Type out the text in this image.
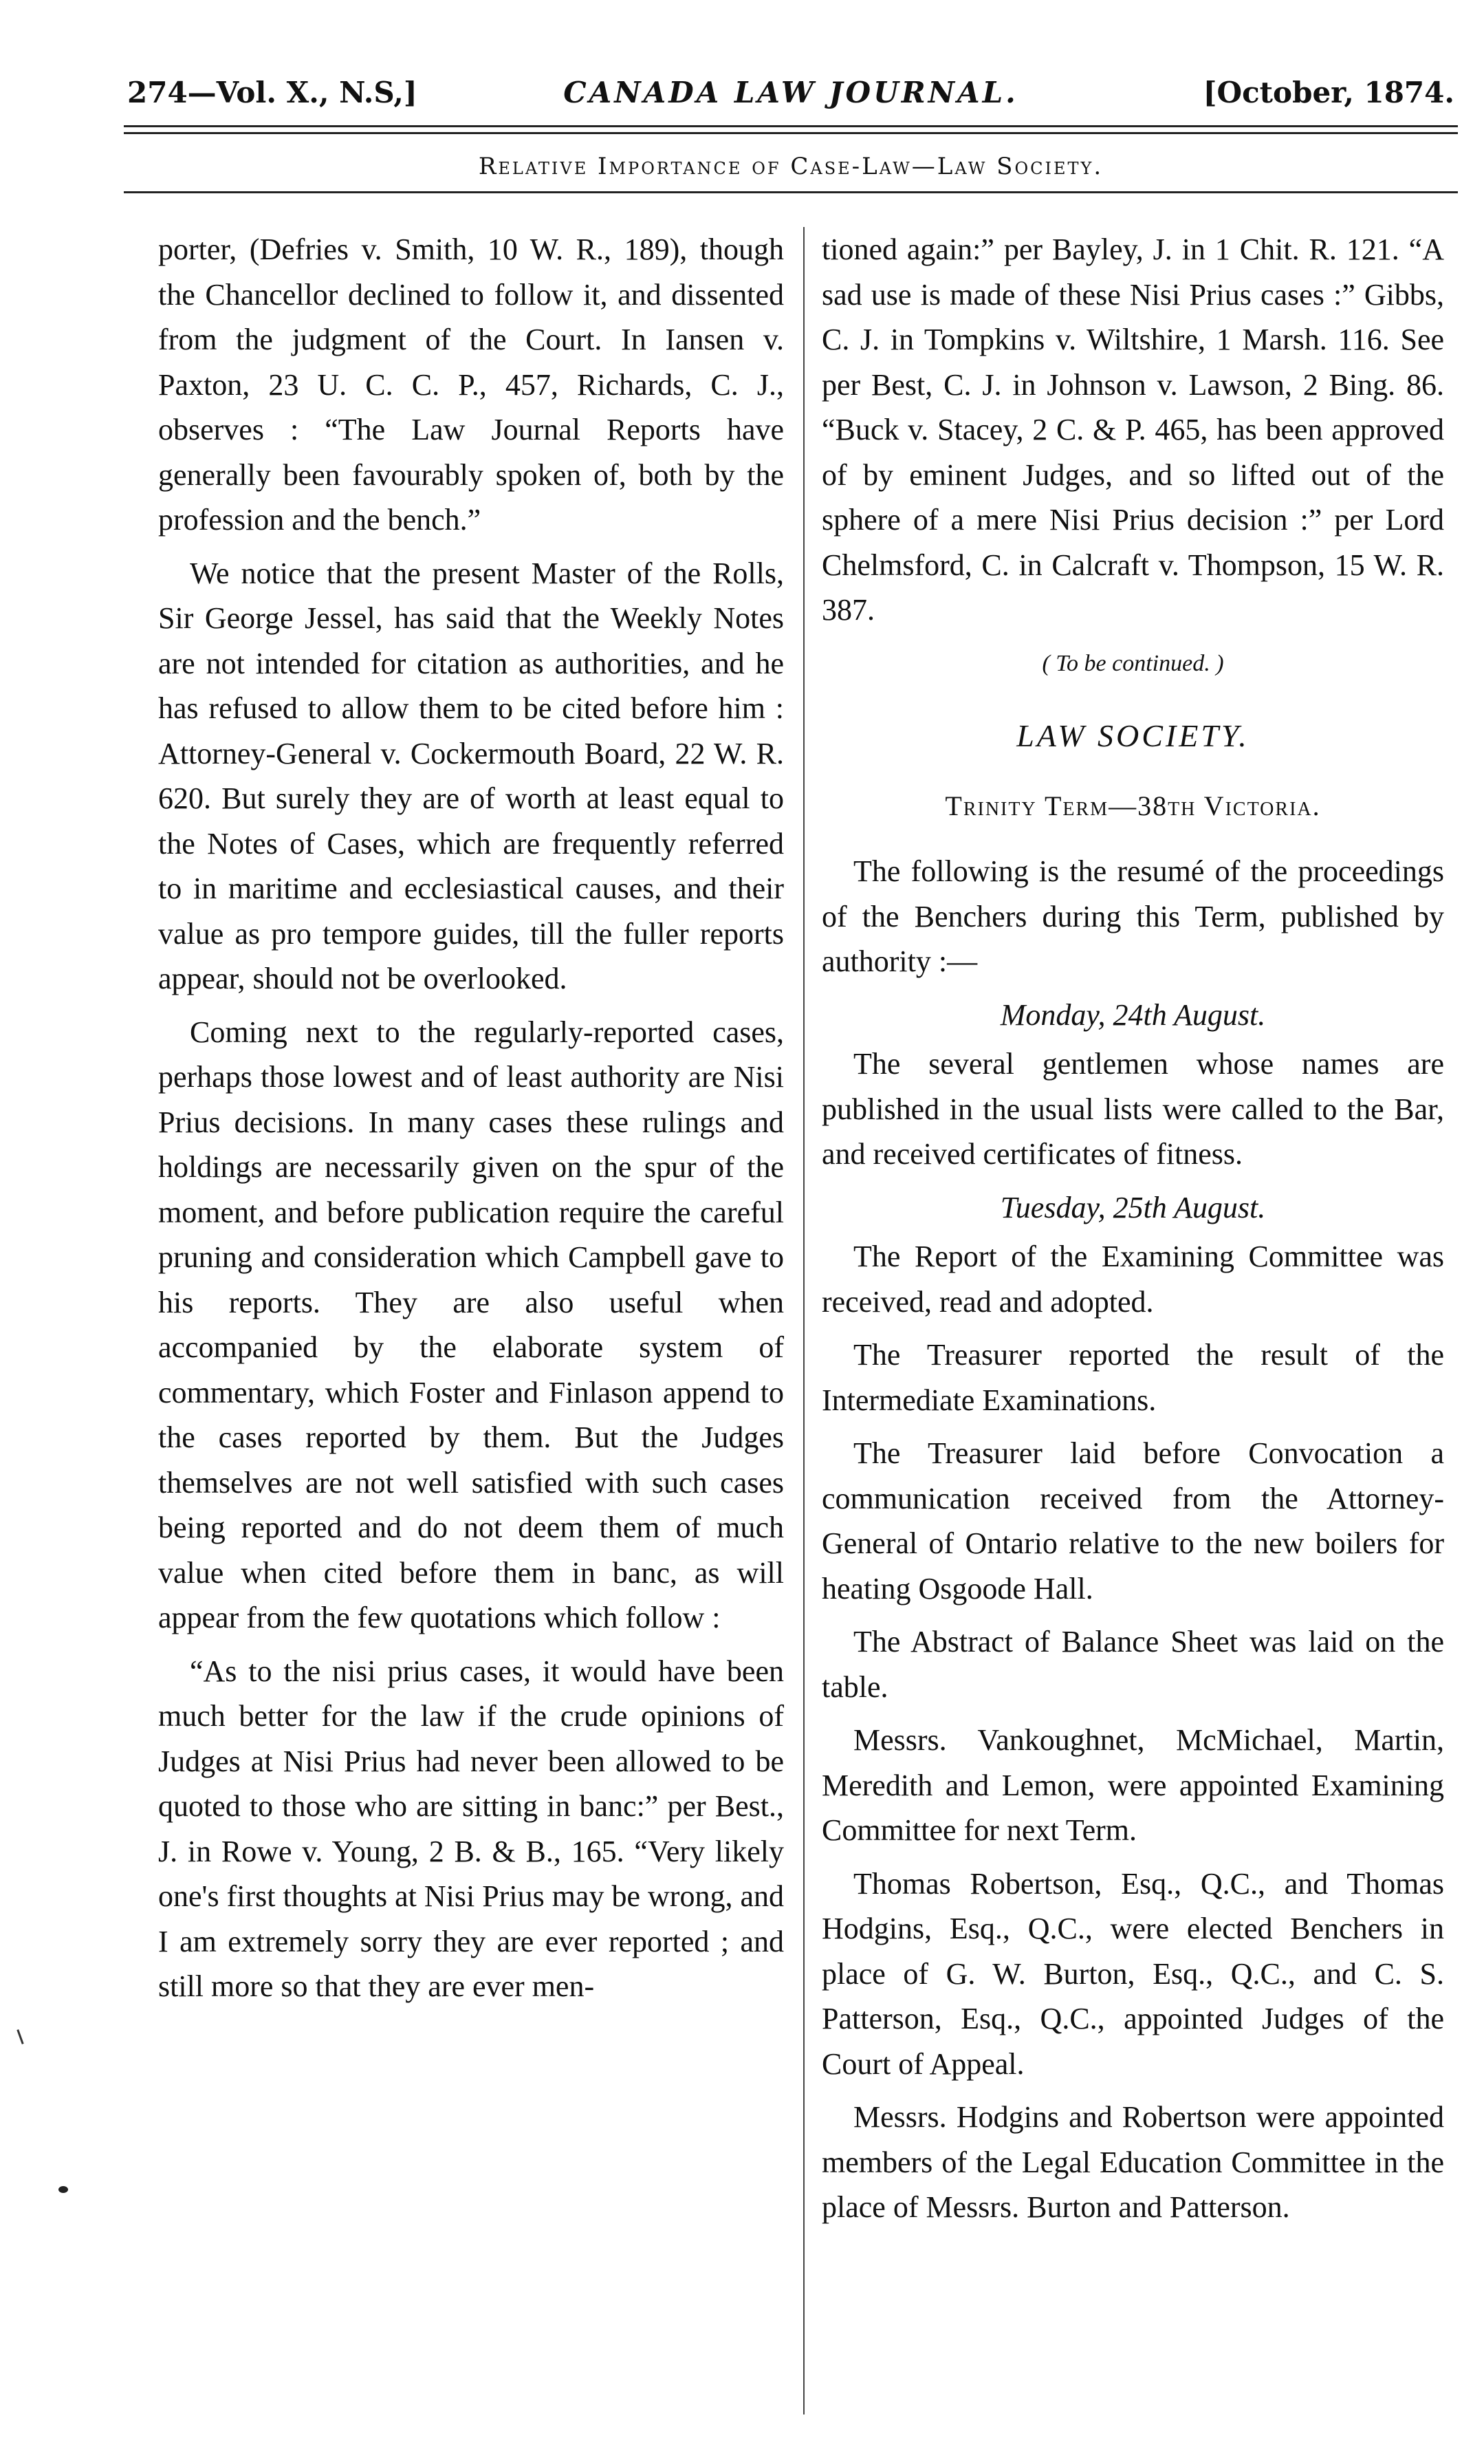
274—Vol. X., N.S,]	CANADA LAW JOURNAL.	[October, 1874.
Relative Importance of Case-Law—Law Society.

porter, (Defries v. Smith, 10 W. R., 189), though the Chancellor declined to follow it, and dissented from the judgment of the Court. In Iansen v. Paxton, 23 U. C. C. P., 457, Richards, C. J., observes : “The Law Journal Reports have generally been favourably spoken of, both by the profession and the bench.”

We notice that the present Master of the Rolls, Sir George Jessel, has said that the Weekly Notes are not intended for citation as authorities, and he has refused to allow them to be cited before him : Attorney-General v. Cockermouth Board, 22 W. R. 620. But surely they are of worth at least equal to the Notes of Cases, which are frequently referred to in maritime and ecclesiastical causes, and their value as pro tempore guides, till the fuller reports appear, should not be overlooked.

Coming next to the regularly-reported cases, perhaps those lowest and of least authority are Nisi Prius decisions. In many cases these rulings and holdings are necessarily given on the spur of the moment, and before publication require the careful pruning and consideration which Campbell gave to his reports. They are also useful when accompanied by the elaborate system of commentary, which Foster and Finlason append to the cases reported by them. But the Judges themselves are not well satisfied with such cases being reported and do not deem them of much value when cited before them in banc, as will appear from the few quotations which follow :

“As to the nisi prius cases, it would have been much better for the law if the crude opinions of Judges at Nisi Prius had never been allowed to be quoted to those who are sitting in banc:” per Best., J. in Rowe v. Young, 2 B. & B., 165. “Very likely one's first thoughts at Nisi Prius may be wrong, and I am extremely sorry they are ever reported ; and still more so that they are ever men-

tioned again:” per Bayley, J. in 1 Chit. R. 121. “A sad use is made of these Nisi Prius cases :” Gibbs, C. J. in Tompkins v. Wiltshire, 1 Marsh. 116. See per Best, C. J. in Johnson v. Lawson, 2 Bing. 86. “Buck v. Stacey, 2 C. & P. 465, has been approved of by eminent Judges, and so lifted out of the sphere of a mere Nisi Prius decision :” per Lord Chelmsford, C. in Calcraft v. Thompson, 15 W. R. 387.

( To be continued. )
LAW SOCIETY.
Trinity Term—38th Victoria.

The following is the resumé of the proceedings of the Benchers during this Term, published by authority :—

Monday, 24th August.

The several gentlemen whose names are published in the usual lists were called to the Bar, and received certificates of fitness.

Tuesday, 25th August.

The Report of the Examining Committee was received, read and adopted.

The Treasurer reported the result of the Intermediate Examinations.

The Treasurer laid before Convocation a communication received from the Attorney-General of Ontario relative to the new boilers for heating Osgoode Hall.

The Abstract of Balance Sheet was laid on the table.

Messrs. Vankoughnet, McMichael, Martin, Meredith and Lemon, were appointed Examining Committee for next Term.

Thomas Robertson, Esq., Q.C., and Thomas Hodgins, Esq., Q.C., were elected Benchers in place of G. W. Burton, Esq., Q.C., and C. S. Patterson, Esq., Q.C., appointed Judges of the Court of Appeal.

Messrs. Hodgins and Robertson were appointed members of the Legal Education Committee in the place of Messrs. Burton and Patterson.
